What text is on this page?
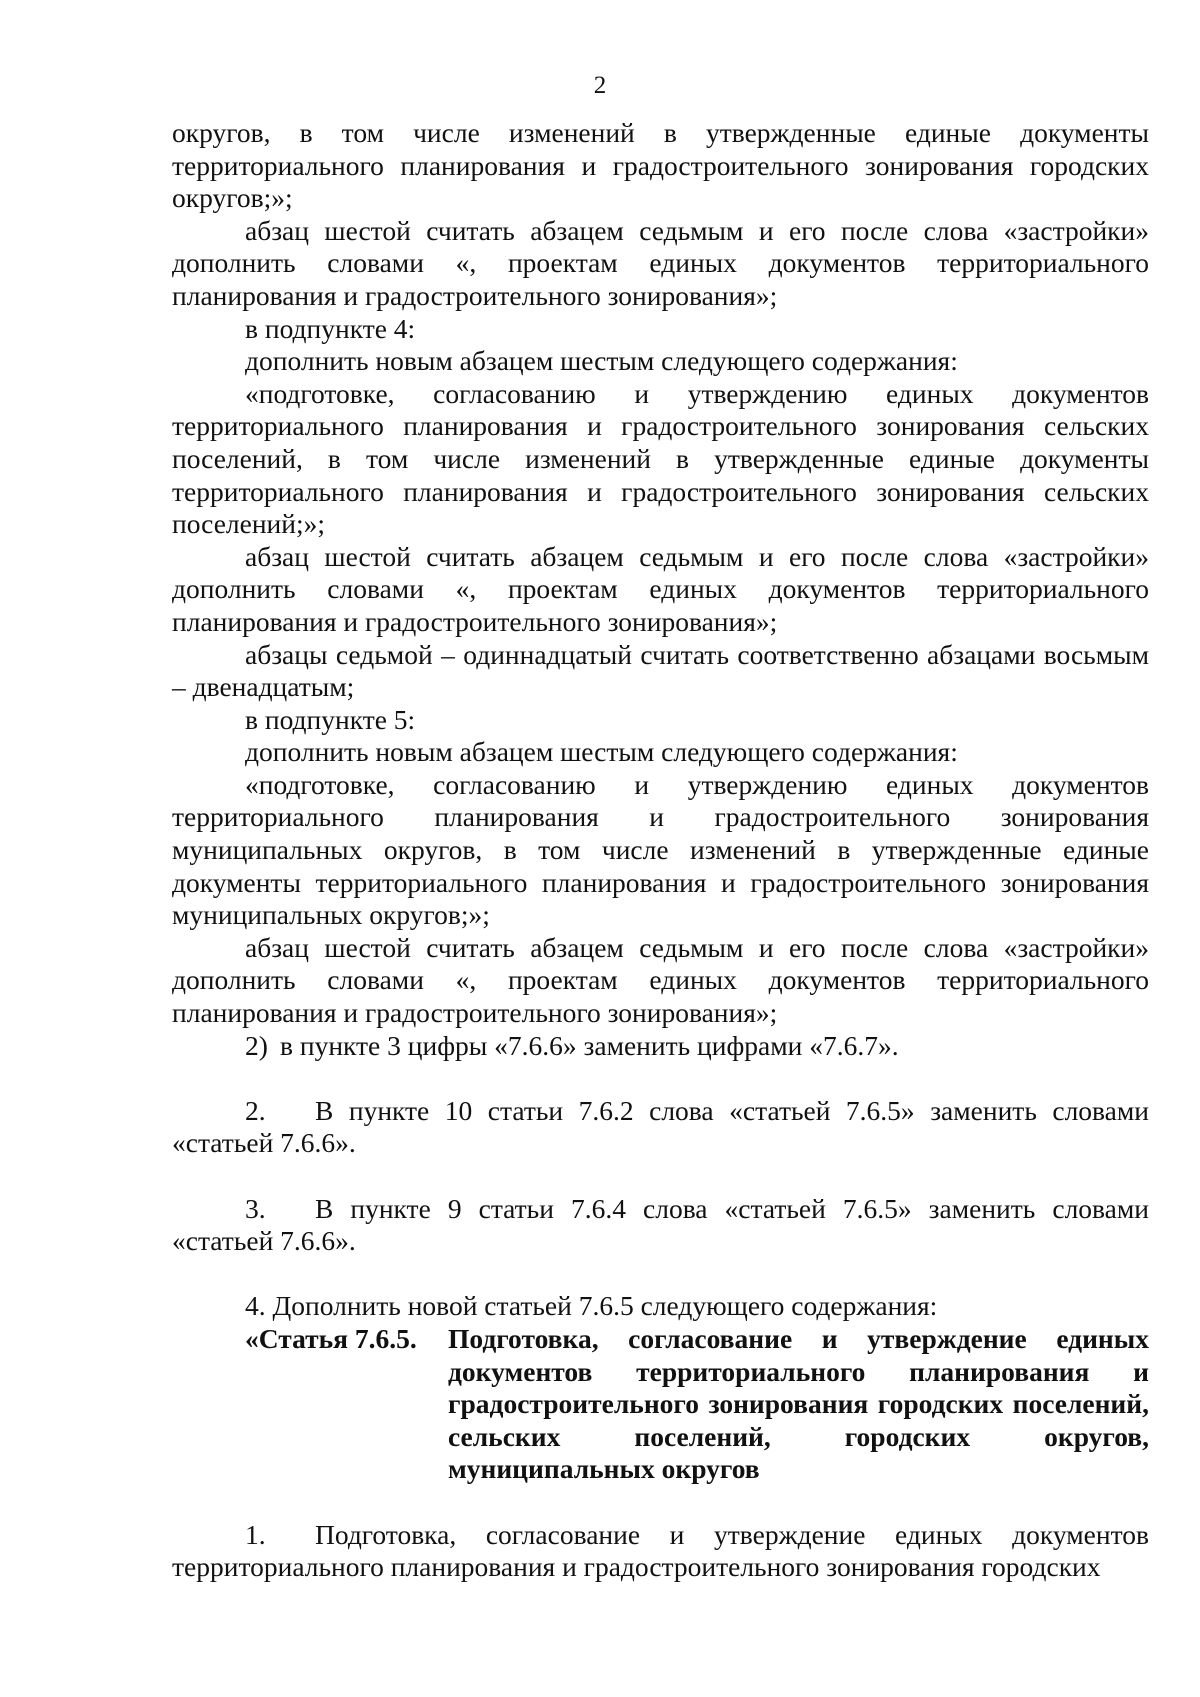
2

округов, в том числе изменений в утвержденные единые документы территориального планирования и градостроительного зонирования городских округов;»;

абзац шестой считать абзацем седьмым и его после слова «застройки» дополнить словами «, проектам единых документов территориального планирования и градостроительного зонирования»;

в подпункте 4:

дополнить новым абзацем шестым следующего содержания:

«подготовке, согласованию и утверждению единых документов территориального планирования и градостроительного зонирования сельских поселений, в том числе изменений в утвержденные единые документы территориального планирования и градостроительного зонирования сельских поселений;»;

абзац шестой считать абзацем седьмым и его после слова «застройки» дополнить словами «, проектам единых документов территориального планирования и градостроительного зонирования»;

абзацы седьмой – одиннадцатый считать соответственно абзацами восьмым – двенадцатым;

в подпункте 5:

дополнить новым абзацем шестым следующего содержания:

«подготовке, согласованию и утверждению единых документов территориального планирования и градостроительного зонирования муниципальных округов, в том числе изменений в утвержденные единые документы территориального планирования и градостроительного зонирования муниципальных округов;»;

абзац шестой считать абзацем седьмым и его после слова «застройки» дополнить словами «, проектам единых документов территориального планирования и градостроительного зонирования»;

2) в пункте 3 цифры «7.6.6» заменить цифрами «7.6.7».

2. В пункте 10 статьи 7.6.2 слова «статьей 7.6.5» заменить словами «статьей 7.6.6».

3. В пункте 9 статьи 7.6.4 слова «статьей 7.6.5» заменить словами «статьей 7.6.6».

4. Дополнить новой статьей 7.6.5 следующего содержания:

«Статья 7.6.5.	Подготовка, согласование и утверждение единых документов территориального планирования и градостроительного зонирования городских поселений, сельских поселений, городских округов, муниципальных округов

1. Подготовка, согласование и утверждение единых документов территориального планирования и градостроительного зонирования городских
